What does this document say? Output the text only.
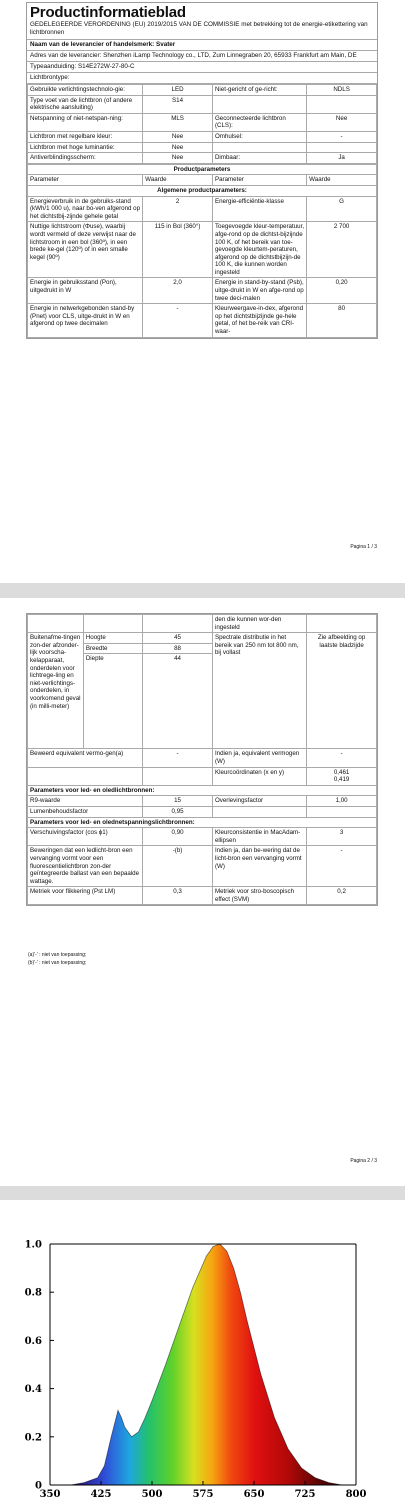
Productinformatieblad
GEDELEGEERDE VERORDENING (EU) 2019/2015 VAN DE COMMISSIE met betrekking tot de energie-etikettering van lichtbronnen
Naam van de leverancier of handelsmerk: Svater
Adres van de leverancier: Shenzhen iLamp Technology co., LTD, Zum Linnegraben 20, 65933 Frankfurt am Main, DE
Typeaanduiding: S14E272W-27-80-C
Lichtbrontype:
Gebruikte verlichtingstechnolo-gie:	LED	Niet-gericht of ge-richt:	NDLS
Type voet van de lichtbron (of andere elektrische aansluiting)	S14		
Netspanning of niet-netspan-ning:	MLS	Geconnecteerde lichtbron (CLS):	Nee
Lichtbron met regelbare kleur:	Nee	Omhulsel:	-
Lichtbron met hoge luminantie:	Nee		
Antiverblindingsscherm:	Nee	Dimbaar:	Ja
Productparameters			
Parameter	Waarde	Parameter	Waarde
Algemene productparameters:			
Energieverbruik in de gebruiks-stand (kWh/1 000 u), naar bo-ven afgerond op het dichtstbij-zijnde gehele getal	2	Energie-efficiëntie-klasse	G
Nuttige lichtstroom (Φuse), waarbij wordt vermeld of deze verwijst naar de lichtstroom in een bol (360º), in een brede ke-gel (120º) of in een smalle kegel (90º)	115 in Bol (360°)	Toegevoegde kleur-temperatuur, afge-rond op de dichtst-bijzijnde 100 K, of het bereik van toe-gevoegde kleurtem-peraturen, afgerond op de dichtstbijzijn-de 100 K, die kunnen worden ingesteld	2 700
Energie in gebruiksstand (Pon), uitgedrukt in W	2,0	Energie in stand-by-stand (Psb), uitge-drukt in W en afge-rond op twee deci-malen	0,20
Energie in netwerkgebonden stand-by (Pnet) voor CLS, uitge-drukt in W en afgerond op twee decimalen	-	Kleurweergave-in-dex, afgerond op het dichtstbijzijnde ge-hele getal, of het be-reik van CRI-waar-	80
Pagina 1 / 3
			den die kunnen wor-den ingesteld	
Buitenafme-tingen zon-der afzonder-lijk voorscha-kelapparaat, onderdelen voor lichtrege-ling en niet-verlichtings-onderdelen, in voorkomend geval (in milli-meter)	Hoogte	45	Spectrale distributie in het bereik van 250 nm tot 800 nm, bij vollast	Zie afbeelding op laatste bladzijde
	Breedte	88		
	Diepte	44		
Beweerd equivalent vermo-gen(a)		-	Indien ja, equivalent vermogen (W)	-
			Kleurcoördinaten (x en y)	0,461
0,419

Parameters voor led- en oledlichtbronnen:				
R9-waarde		15	Overlevingsfactor	1,00
Lumenbehoudsfactor		0,95		
Parameters voor led- en olednetspanningslichtbronnen:				
Verschuivingsfactor (cos ϕ1)		0,90	Kleurconsistentie in MacAdam-ellipsen	3
Beweringen dat een ledlicht-bron een vervanging vormt voor een fluorescentielichtbron zon-der geïntegreerde ballast van een bepaalde wattage.		-(b)	Indien ja, dan be-wering dat de licht-bron een vervanging vormt (W)	-
Metriek voor flikkering (Pst LM)		0,3	Metriek voor stro-boscopisch effect (SVM)	0,2
(a)'-' : niet van toepassing;
(b)'-' : niet van toepassing;
Pagina 2 / 3
350	425	500	575	650	725	800
0
0.2
0.4
0.6
0.8
1.0
